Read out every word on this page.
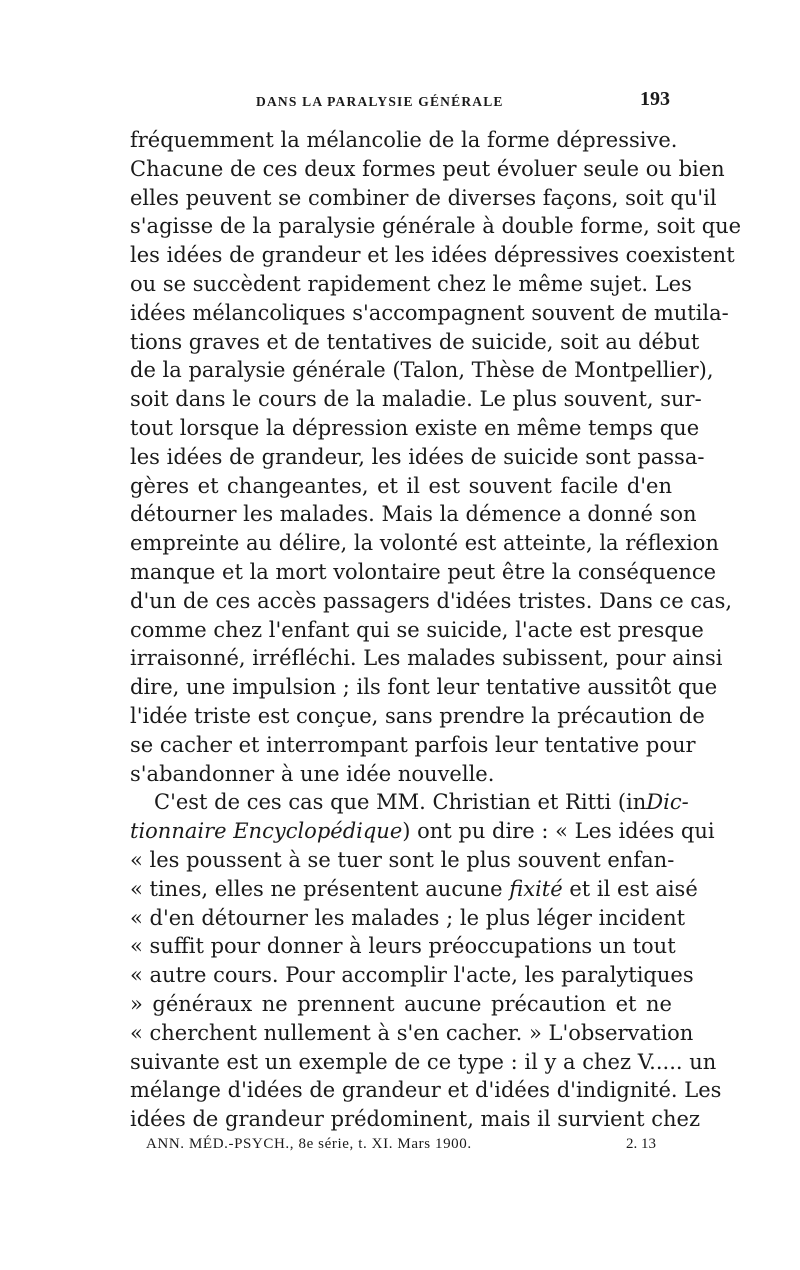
DANS LA PARALYSIE GÉNÉRALE	193
fréquemment la mélancolie de la forme dépressive.
Chacune de ces deux formes peut évoluer seule ou bien
elles peuvent se combiner de diverses façons, soit qu'il
s'agisse de la paralysie générale à double forme, soit que
les idées de grandeur et les idées dépressives coexistent
ou se succèdent rapidement chez le même sujet. Les
idées mélancoliques s'accompagnent souvent de mutila-
tions graves et de tentatives de suicide, soit au début
de la paralysie générale (Talon, Thèse de Montpellier),
soit dans le cours de la maladie. Le plus souvent, sur-
tout lorsque la dépression existe en même temps que
les idées de grandeur, les idées de suicide sont passa-
gères et changeantes, et il est souvent facile d'en
détourner les malades. Mais la démence a donné son
empreinte au délire, la volonté est atteinte, la réflexion
manque et la mort volontaire peut être la conséquence
d'un de ces accès passagers d'idées tristes. Dans ce cas,
comme chez l'enfant qui se suicide, l'acte est presque
irraisonné, irréfléchi. Les malades subissent, pour ainsi
dire, une impulsion ; ils font leur tentative aussitôt que
l'idée triste est conçue, sans prendre la précaution de
se cacher et interrompant parfois leur tentative pour
s'abandonner à une idée nouvelle.
C'est de ces cas que MM. Christian et Ritti (inDic-
tionnaire Encyclopédique) ont pu dire : « Les idées qui
« les poussent à se tuer sont le plus souvent enfan-
« tines, elles ne présentent aucune fixité et il est aisé
« d'en détourner les malades ; le plus léger incident
« suffit pour donner à leurs préoccupations un tout
« autre cours. Pour accomplir l'acte, les paralytiques
» généraux ne prennent aucune précaution et ne
« cherchent nullement à s'en cacher. » L'observation
suivante est un exemple de ce type : il y a chez V..... un
mélange d'idées de grandeur et d'idées d'indignité. Les
idées de grandeur prédominent, mais il survient chez
ANN. MÉD.-PSYCH., 8e série, t. XI. Mars 1900.	2. 13
